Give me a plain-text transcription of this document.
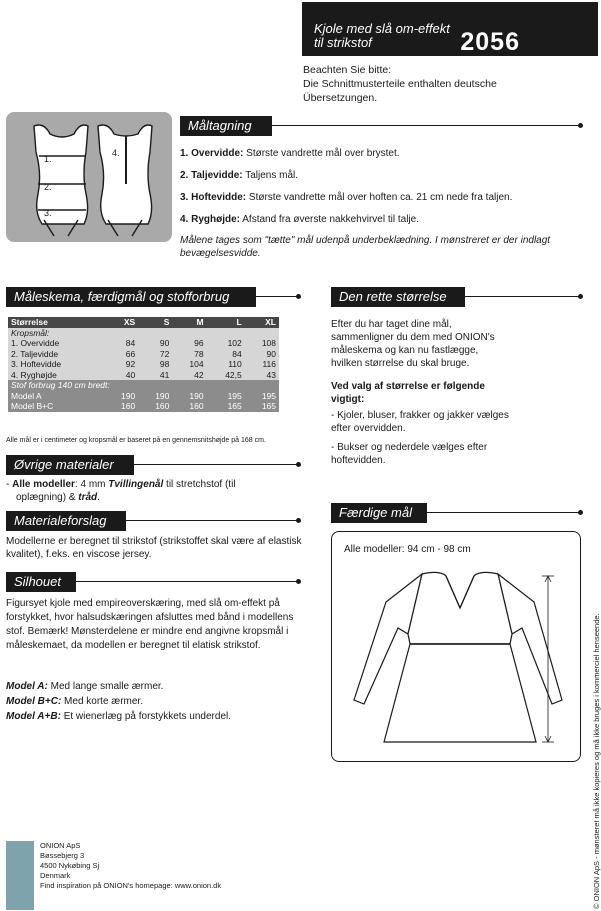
Kjole med slå om-effekt til strikstof	2056
Beachten Sie bitte:
Die Schnittmusterteile enthalten deutsche
Übersetzungen.
Måltagning
1.
2.
3.
4.	1. Overvidde: Største vandrette mål over brystet.
2. Taljevidde: Taljens mål.
3. Hoftevidde: Største vandrette mål over hoften ca. 21 cm nede fra taljen.
4. Ryghøjde: Afstand fra øverste nakkehvirvel til talje.
Målene tages som "tætte" mål udenpå underbeklædning. I mønstreret er der indlagt bevægelsesvidde.
Måleskema, færdigmål og stofforbrug
Størrelse	XS	S	M	L	XL
Kropsmål:					
1. Overvidde	84	90	96	102	108
2. Taljevidde	66	72	78	84	90
3. Hoftevidde	92	98	104	110	116
4. Ryghøjde	40	41	42	42,5	43
Stof forbrug 140 cm bredt:					
Model A	190	190	190	195	195
Model B+C	160	160	160	165	165
Alle mål er i centimeter og kropsmål er baseret på en gennemsnitshøjde på 168 cm.
Øvrige materialer
- Alle modeller: 4 mm Tvillingenål til stretchstof (til
oplægning) & tråd.
Materialeforslag
Modellerne er beregnet til strikstof (strikstoffet skal være af elastisk kvalitet), f.eks. en viscose jersey.
Silhouet
Figursyet kjole med empireoverskæring, med slå om-effekt på forstykket, hvor halsudskæringen afsluttes med bånd i modellens stof. Bemærk! Mønsterdelene er mindre end angivne kropsmål i måleskemaet, da modellen er beregnet til elatisk strikstof.
Model A: Med lange smalle ærmer.
Model B+C: Med korte ærmer.
Model A+B: Et wienerlæg på forstykkets underdel.
Den rette størrelse
Efter du har taget dine mål, sammenligner du dem med ONION's måleskema og kan nu fastlægge, hvilken størrelse du skal bruge.
Ved valg af størrelse er følgende vigtigt:
- Kjoler, bluser, frakker og jakker vælges efter overvidden.
- Bukser og nederdele vælges efter hoftevidden.
Færdige mål
Alle modeller: 94 cm - 98 cm
ONION ApS
Bøssebjerg 3
4500 Nykøbing Sj
Denmark
Find inspiration på ONION's homepage: www.onion.dk	© ONION ApS - mønsteret må ikke kopieres og må ikke bruges i kommerciel henseende.
